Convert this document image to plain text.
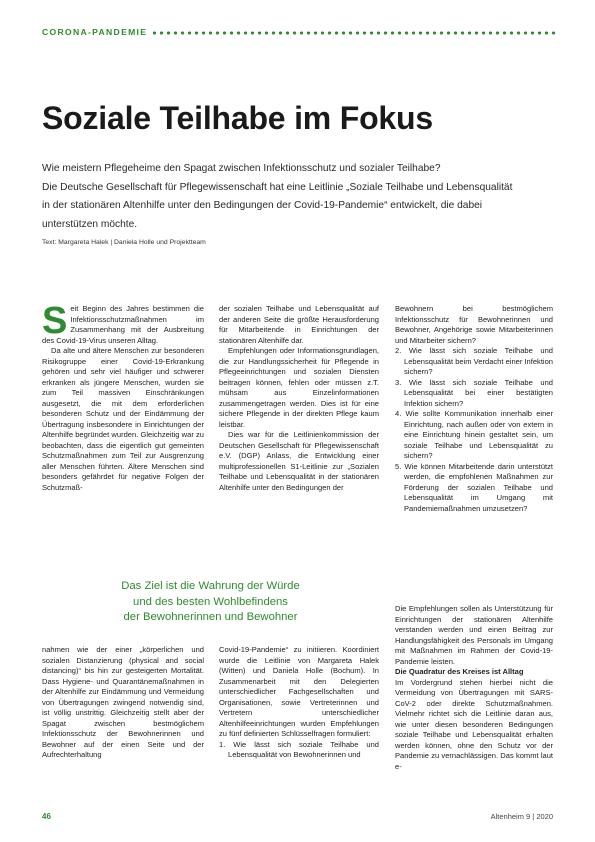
CORONA-PANDEMIE
Soziale Teilhabe im Fokus

Wie meistern Pflegeheime den Spagat zwischen Infektionsschutz und sozialer Teilhabe?

Die Deutsche Gesellschaft für Pflegewissenschaft hat eine Leitlinie „Soziale Teilhabe und Lebensqualität in der stationären Altenhilfe unter den Bedingungen der Covid-19-Pandemie“ entwickelt, die dabei unterstützen möchte.

Text: Margareta Halek | Daniela Holle und Projektteam

Seit Beginn des Jahres bestimmen die Infektionsschutzmaßnahmen im Zusammenhang mit der Ausbreitung des Covid-19-Virus unseren Alltag.

Da alte und ältere Menschen zur besonderen Risikogruppe einer Covid-19-Erkrankung gehören und sehr viel häufiger und schwerer erkranken als jüngere Menschen, wurden sie zum Teil massiven Einschränkungen ausgesetzt, die mit dem erforderlichen besonderen Schutz und der Eindämmung der Übertragung insbesondere in Einrichtungen der Altenhilfe begründet wurden. Gleichzeitig war zu beobachten, dass die eigentlich gut gemeinten Schutzmaßnahmen zum Teil zur Ausgrenzung aller Menschen führten. Ältere Menschen sind besonders gefährdet für negative Folgen der Schutzmaß-

der sozialen Teilhabe und Lebensqualität auf der anderen Seite die größte Herausforderung für Mitarbeitende in Einrichtungen der stationären Altenhilfe dar.

Empfehlungen oder Informationsgrundlagen, die zur Handlungssicherheit für Pflegende in Pflegeeinrichtungen und sozialen Diensten beitragen können, fehlen oder müssen z.T. mühsam aus Einzelinformationen zusammengetragen werden. Dies ist für eine sichere Pflegende in der direkten Pflege kaum leistbar.

Dies war für die Leitlinienkommission der Deutschen Gesellschaft für Pflegewissenschaft e.V. (DGP) Anlass, die Entwicklung einer multiprofessionellen S1-Leitlinie zur „Sozialen Teilhabe und Lebensqualität in der stationären Altenhilfe unter den Bedingungen der

Bewohnern bei bestmöglichem Infektionsschutz für Bewohnerinnen und Bewohner, Angehörige sowie Mitarbeiterinnen und Mitarbeiter sichern?

2. Wie lässt sich soziale Teilhabe und Lebensqualität beim Verdacht einer Infektion sichern?
3. Wie lässt sich soziale Teilhabe und Lebensqualität bei einer bestätigten Infektion sichern?
4. Wie sollte Kommunikation innerhalb einer Einrichtung, nach außen oder von extern in eine Einrichtung hinein gestaltet sein, um soziale Teilhabe und Lebensqualität zu sichern?
5. Wie können Mitarbeitende darin unterstützt werden, die empfohlenen Maßnahmen zur Förderung der sozialen Teilhabe und Lebensqualität im Umgang mit Pandemiemaßnahmen umzusetzen?
Das Ziel ist die Wahrung der Würde
und des besten Wohlbefindens
der Bewohnerinnen und Bewohner

nahmen wie der einer „körperlichen und sozialen Distanzierung (physical and social distancing)“ bis hin zur gesteigerten Mortalität. Dass Hygiene- und Quarantänemaßnahmen in der Altenhilfe zur Eindämmung und Vermeidung von Übertragungen zwingend notwendig sind, ist völlig unstrittig. Gleichzeitig stellt aber der Spagat zwischen bestmöglichem Infektionsschutz der Bewohnerinnen und Bewohner auf der einen Seite und der Aufrechterhaltung

Covid-19-Pandemie“ zu initiieren. Koordiniert wurde die Leitlinie von Margareta Halek (Witten) und Daniela Holle (Bochum). In Zusammenarbeit mit den Delegierten unterschiedlicher Fachgesellschaften und Organisationen, sowie Vertreterinnen und Vertretern unterschiedlicher Altenhilfeeinrichtungen wurden Empfehlungen zu fünf definierten Schlüsselfragen formuliert:

1. Wie lässt sich soziale Teilhabe und Lebensqualität von Bewohnerinnen und

Die Empfehlungen sollen als Unterstützung für Einrichtungen der stationären Altenhilfe verstanden werden und einen Beitrag zur Handlungsfähigkeit des Personals im Umgang mit Maßnahmen im Rahmen der Covid-19-Pandemie leisten.

Die Quadratur des Kreises ist Alltag

Im Vordergrund stehen hierbei nicht die Vermeidung von Übertragungen mit SARS-CoV-2 oder direkte Schutzmaßnahmen. Vielmehr richtet sich die Leitlinie daran aus, wie unter diesen besonderen Bedingungen soziale Teilhabe und Lebensqualität erhalten werden können, ohne den Schutz vor der Pandemie zu vernachlässigen. Das kommt laut e-

46	Altenheim 9 | 2020
